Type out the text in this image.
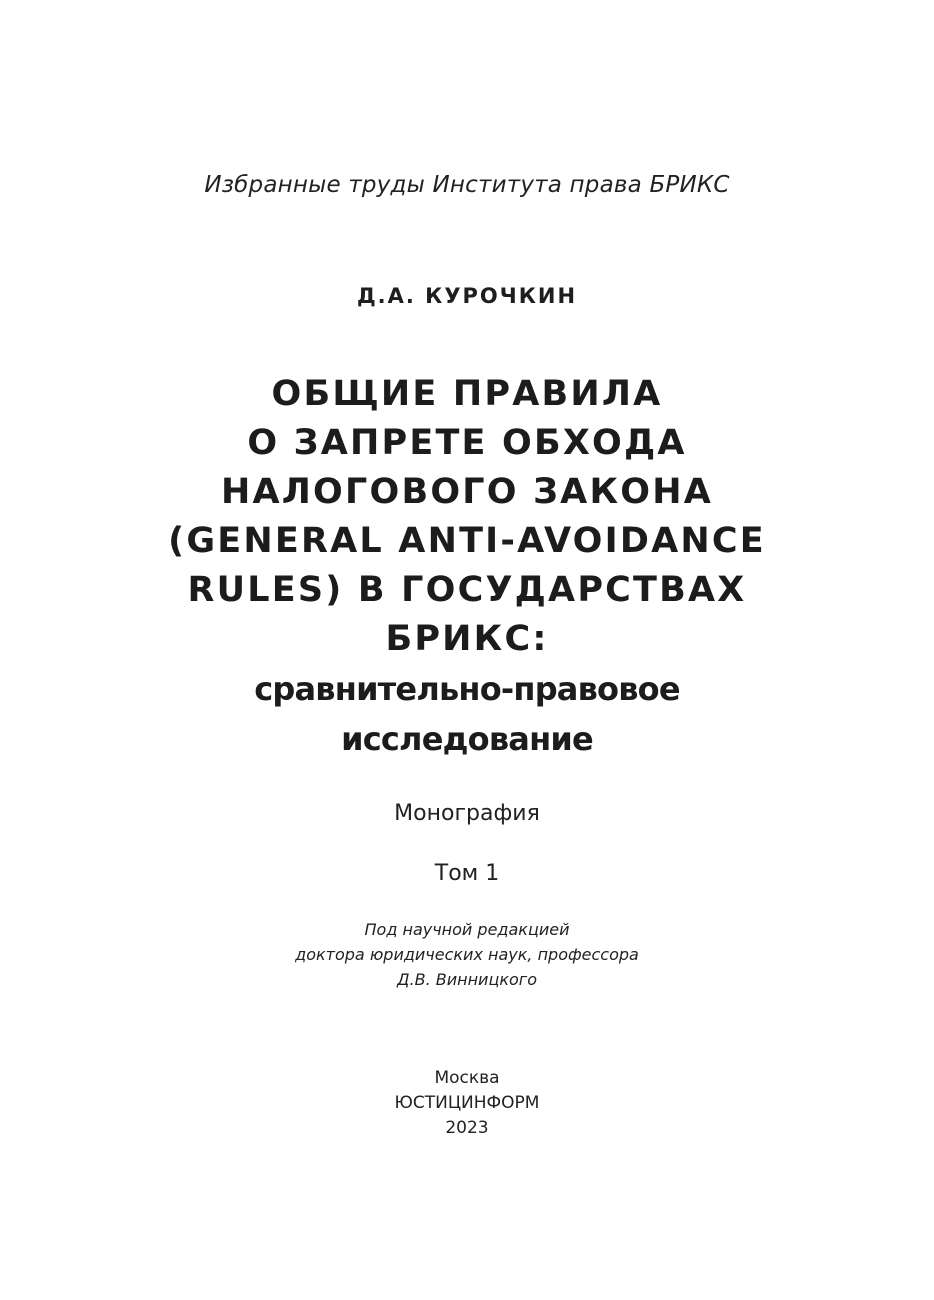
Избранные труды Института права БРИКС
Д.А. КУРОЧКИН
ОБЩИЕ ПРАВИЛА
О ЗАПРЕТЕ ОБХОДА
НАЛОГОВОГО ЗАКОНА
(GENERAL ANTI-AVOIDANCE
RULES) В ГОСУДАРСТВАХ
БРИКС:
сравнительно-правовое
исследование
Монография
Том 1
Под научной редакцией
доктора юридических наук, профессора
Д.В. Винницкого
Москва
ЮСТИЦИНФОРМ
2023
